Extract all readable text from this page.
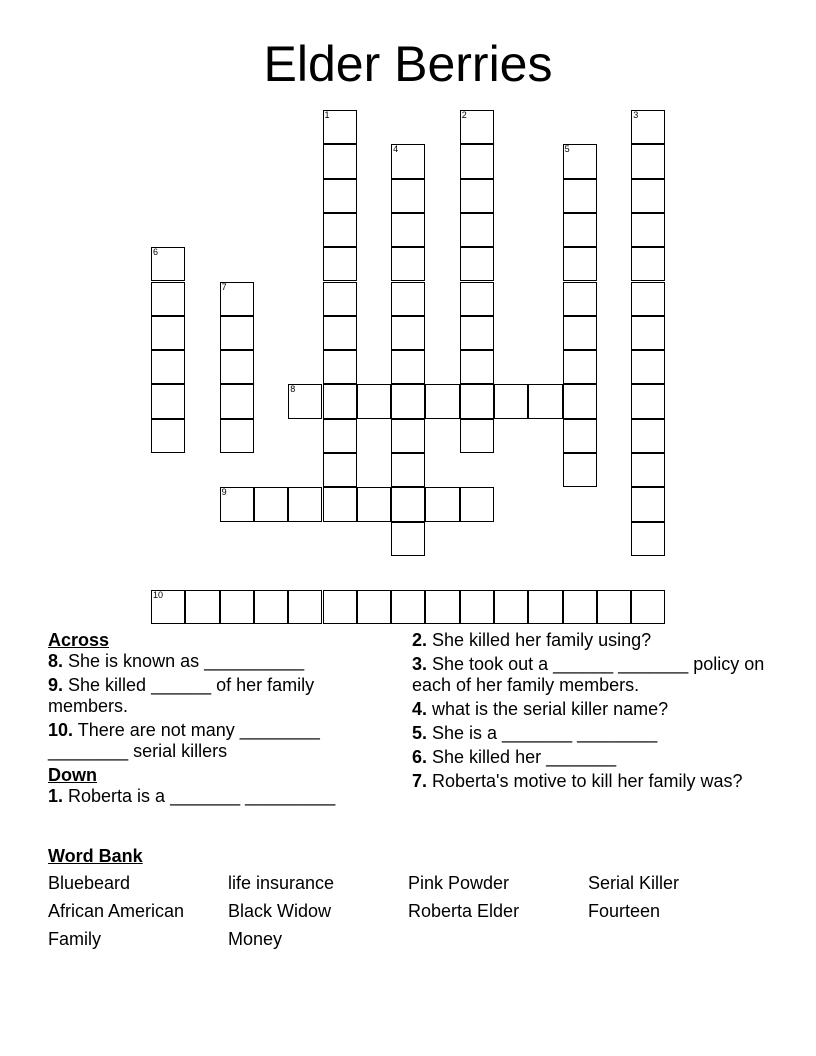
Elder Berries
1	2	3
4	5
6
7
8
9
10
Across
8. She is known as __________
9. She killed ______ of her family members.
10. There are not many ________ ________ serial killers
Down
1. Roberta is a _______ _________
2. She killed her family using?
3. She took out a ______ _______ policy on each of her family members.
4. what is the serial killer name?
5. She is a _______ ________
6. She killed her _______
7. Roberta's motive to kill her family was?
Word Bank
Bluebeard	life insurance	Pink Powder	Serial Killer
African American	Black Widow	Roberta Elder	Fourteen
Family	Money
